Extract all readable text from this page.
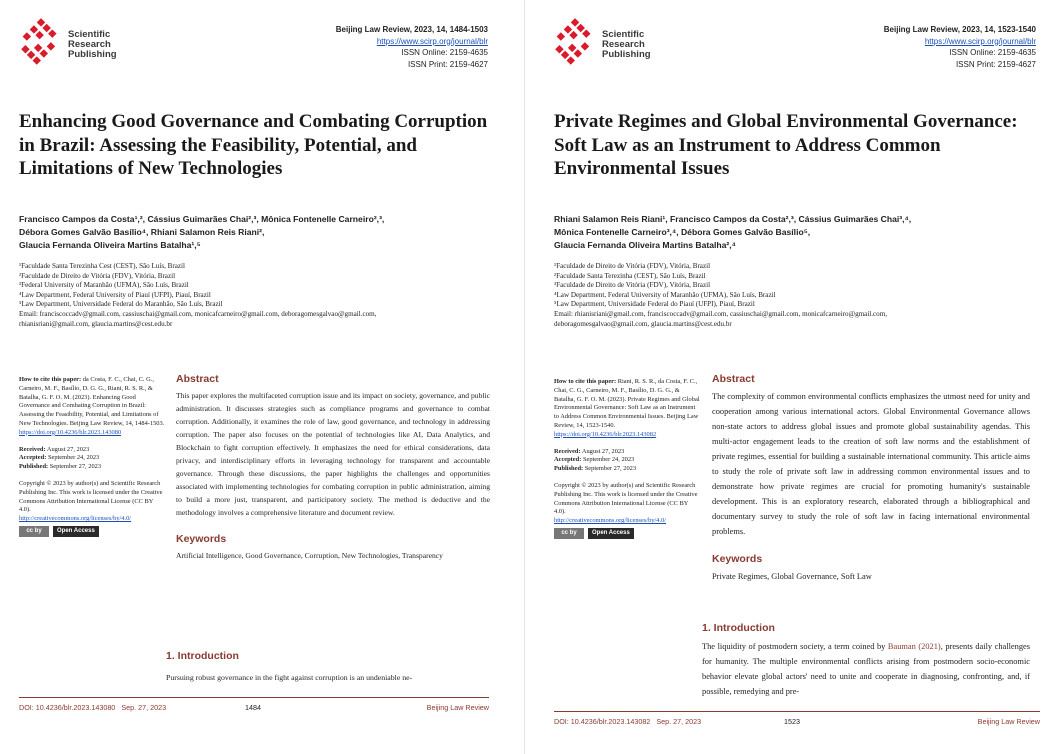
Scientific
Research
Publishing
Beijing Law Review, 2023, 14, 1484-1503
https://www.scirp.org/journal/blr
ISSN Online: 2159-4635
ISSN Print: 2159-4627
Enhancing Good Governance and Combating Corruption in Brazil: Assessing the Feasibility, Potential, and Limitations of New Technologies
Francisco Campos da Costa¹,², Cássius Guimarães Chai²,³, Mônica Fontenelle Carneiro²,³,
Débora Gomes Galvão Basílio⁴, Rhiani Salamon Reis Riani²,
Glaucia Fernanda Oliveira Martins Batalha¹,⁵
¹Faculdade Santa Terezinha Cest (CEST), São Luís, Brazil
²Faculdade de Direito de Vitória (FDV), Vitória, Brazil
³Federal University of Maranhão (UFMA), São Luís, Brazil
⁴Law Department, Federal University of Piauí (UFPI), Piauí, Brazil
⁵Law Department, Universidade Federal do Maranhão, São Luís, Brazil
Email: franciscoccadv@gmail.com, cassiuschai@gmail.com, monicafcarneiro@gmail.com, deboragomesgalvao@gmail.com,
rhianisriani@gmail.com, glaucia.martins@cest.edu.br
How to cite this paper: da Costa, F. C., Chai, C. G., Carneiro, M. F., Basílio, D. G. G., Riani, R. S. R., & Batalha, G. F. O. M. (2023). Enhancing Good Governance and Combating Corruption in Brazil: Assessing the Feasibility, Potential, and Limitations of New Technologies. Beijing Law Review, 14, 1484-1503.
https://doi.org/10.4236/blr.2023.143080
Received: August 27, 2023
Accepted: September 24, 2023
Published: September 27, 2023
Copyright © 2023 by author(s) and Scientific Research Publishing Inc. This work is licensed under the Creative Commons Attribution International License (CC BY 4.0).
http://creativecommons.org/licenses/by/4.0/
cc by	Open Access
Abstract

This paper explores the multifaceted corruption issue and its impact on society, governance, and public administration. It discusses strategies such as compliance programs and governance to combat corruption. Additionally, it examines the role of law, good governance, and technology in addressing corruption. The paper also focuses on the potential of technologies like AI, Data Analytics, and Blockchain to fight corruption effectively. It emphasizes the need for ethical considerations, data privacy, and interdisciplinary efforts in leveraging technology for transparent and accountable governance. Through these discussions, the paper highlights the challenges and opportunities associated with implementing technologies for combating corruption in public administration, aiming to build a more just, transparent, and participatory society. The method is deductive and the methodology involves a comprehensive literature and document review.

Keywords

Artificial Intelligence, Good Governance, Corruption, New Technologies, Transparency

1. Introduction
Pursuing robust governance in the fight against corruption is an undeniable ne-
DOI: 10.4236/blr.2023.143080 Sep. 27, 2023	1484	Beijing Law Review
Scientific
Research
Publishing
Beijing Law Review, 2023, 14, 1523-1540
https://www.scirp.org/journal/blr
ISSN Online: 2159-4635
ISSN Print: 2159-4627
Private Regimes and Global Environmental Governance: Soft Law as an Instrument to Address Common Environmental Issues
Rhiani Salamon Reis Riani¹, Francisco Campos da Costa²,³, Cássius Guimarães Chai³,⁴,
Mônica Fontenelle Carneiro³,⁴, Débora Gomes Galvão Basílio⁵,
Glaucia Fernanda Oliveira Martins Batalha²,⁴
¹Faculdade de Direito de Vitória (FDV), Vitória, Brazil
²Faculdade Santa Terezinha (CEST), São Luís, Brazil
³Faculdade de Direito de Vitória (FDV), Vitória, Brazil
⁴Law Department, Federal University of Maranhão (UFMA), São Luís, Brazil
⁵Law Department, Universidade Federal do Piauí (UFPI), Piauí, Brazil
Email: rhianisriani@gmail.com, franciscoccadv@gmail.com, cassiuschai@gmail.com, monicafcarneiro@gmail.com,
deboragomesgalvao@gmail.com, glaucia.martins@cest.edu.br
How to cite this paper: Riani, R. S. R., da Costa, F. C., Chai, C. G., Carneiro, M. F., Basílio, D. G. G., & Batalha, G. F. O. M. (2023). Private Regimes and Global Environmental Governance: Soft Law as an Instrument to Address Common Environmental Issues. Beijing Law Review, 14, 1523-1540.
https://doi.org/10.4236/blr.2023.143082
Received: August 27, 2023
Accepted: September 24, 2023
Published: September 27, 2023
Copyright © 2023 by author(s) and Scientific Research Publishing Inc. This work is licensed under the Creative Commons Attribution International License (CC BY 4.0).
http://creativecommons.org/licenses/by/4.0/
cc by	Open Access
Abstract

The complexity of common environmental conflicts emphasizes the utmost need for unity and cooperation among various international actors. Global Environmental Governance allows non-state actors to address global issues and promote global sustainability agendas. This multi-actor engagement leads to the creation of soft law norms and the establishment of private regimes, essential for building a sustainable international community. This article aims to study the role of private soft law in addressing common environmental issues and to demonstrate how private regimes are crucial for promoting humanity's sustainable development. This is an exploratory research, elaborated through a bibliographical and documentary survey to study the role of soft law in facing international environmental problems.

Keywords

Private Regimes, Global Governance, Soft Law

1. Introduction
The liquidity of postmodern society, a term coined by Bauman (2021), presents daily challenges for humanity. The multiple environmental conflicts arising from postmodern socio-economic behavior elevate global actors' need to unite and cooperate in diagnosing, confronting, and, if possible, remedying and pre-
DOI: 10.4236/blr.2023.143082 Sep. 27, 2023	1523	Beijing Law Review
